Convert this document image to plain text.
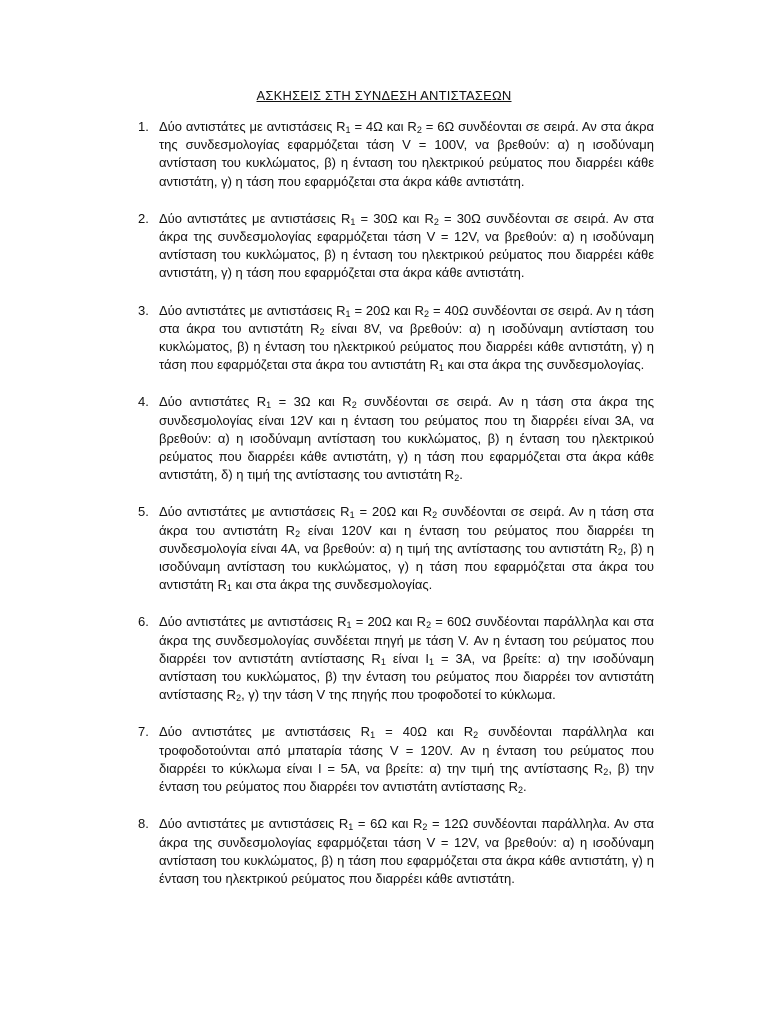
ΑΣΚΗΣΕΙΣ ΣΤΗ ΣΥΝΔΕΣΗ ΑΝΤΙΣΤΑΣΕΩΝ
1. Δύο αντιστάτες με αντιστάσεις $R_1 = 4\Omega$ και $R_2 = 6\Omega$ συνδέονται σε σειρά. Αν στα άκρα της συνδεσμολογίας εφαρμόζεται τάση V = 100V, να βρεθούν: α) η ισοδύναμη αντίσταση του κυκλώματος, β) η ένταση του ηλεκτρικού ρεύματος που διαρρέει κάθε αντιστάτη, γ) η τάση που εφαρμόζεται στα άκρα κάθε αντιστάτη.
2. Δύο αντιστάτες με αντιστάσεις $R_1 = 30\Omega$ και $R_2 = 30\Omega$ συνδέονται σε σειρά. Αν στα άκρα της συνδεσμολογίας εφαρμόζεται τάση V = 12V, να βρεθούν: α) η ισοδύναμη αντίσταση του κυκλώματος, β) η ένταση του ηλεκτρικού ρεύματος που διαρρέει κάθε αντιστάτη, γ) η τάση που εφαρμόζεται στα άκρα κάθε αντιστάτη.
3. Δύο αντιστάτες με αντιστάσεις $R_1 = 20\Omega$ και $R_2 = 40\Omega$ συνδέονται σε σειρά. Αν η τάση στα άκρα του αντιστάτη $R_2$ είναι 8V, να βρεθούν: α) η ισοδύναμη αντίσταση του κυκλώματος, β) η ένταση του ηλεκτρικού ρεύματος που διαρρέει κάθε αντιστάτη, γ) η τάση που εφαρμόζεται στα άκρα του αντιστάτη $R_1$ και στα άκρα της συνδεσμολογίας.
4. Δύο αντιστάτες $R_1 = 3\Omega$ και $R_2$ συνδέονται σε σειρά. Αν η τάση στα άκρα της συνδεσμολογίας είναι 12V και η ένταση του ρεύματος που τη διαρρέει είναι 3Α, να βρεθούν: α) η ισοδύναμη αντίσταση του κυκλώματος, β) η ένταση του ηλεκτρικού ρεύματος που διαρρέει κάθε αντιστάτη, γ) η τάση που εφαρμόζεται στα άκρα κάθε αντιστάτη, δ) η τιμή της αντίστασης του αντιστάτη $R_2$.
5. Δύο αντιστάτες με αντιστάσεις $R_1 = 20\Omega$ και $R_2$ συνδέονται σε σειρά. Αν η τάση στα άκρα του αντιστάτη $R_2$ είναι 120V και η ένταση του ρεύματος που διαρρέει τη συνδεσμολογία είναι 4Α, να βρεθούν: α) η τιμή της αντίστασης του αντιστάτη $R_2$, β) η ισοδύναμη αντίσταση του κυκλώματος, γ) η τάση που εφαρμόζεται στα άκρα του αντιστάτη $R_1$ και στα άκρα της συνδεσμολογίας.
6. Δύο αντιστάτες με αντιστάσεις $R_1 = 20\Omega$ και $R_2 = 60\Omega$ συνδέονται παράλληλα και στα άκρα της συνδεσμολογίας συνδέεται πηγή με τάση V. Αν η ένταση του ρεύματος που διαρρέει τον αντιστάτη αντίστασης $R_1$ είναι $I_1 = 3A$, να βρείτε: α) την ισοδύναμη αντίσταση του κυκλώματος, β) την ένταση του ρεύματος που διαρρέει τον αντιστάτη αντίστασης $R_2$, γ) την τάση V της πηγής που τροφοδοτεί το κύκλωμα.
7. Δύο αντιστάτες με αντιστάσεις $R_1 = 40\Omega$ και $R_2$ συνδέονται παράλληλα και τροφοδοτούνται από μπαταρία τάσης V = 120V. Αν η ένταση του ρεύματος που διαρρέει το κύκλωμα είναι I = 5Α, να βρείτε: α) την τιμή της αντίστασης $R_2$, β) την ένταση του ρεύματος που διαρρέει τον αντιστάτη αντίστασης $R_2$.
8. Δύο αντιστάτες με αντιστάσεις $R_1 = 6\Omega$ και $R_2 = 12\Omega$ συνδέονται παράλληλα. Αν στα άκρα της συνδεσμολογίας εφαρμόζεται τάση V = 12V, να βρεθούν: α) η ισοδύναμη αντίσταση του κυκλώματος, β) η τάση που εφαρμόζεται στα άκρα κάθε αντιστάτη, γ) η ένταση του ηλεκτρικού ρεύματος που διαρρέει κάθε αντιστάτη.
